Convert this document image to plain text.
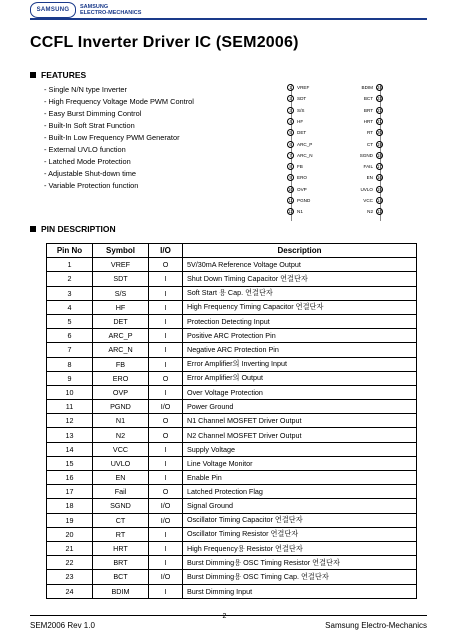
SAMSUNG SAMSUNG
ELECTRO-MECHANICS
CCFL Inverter Driver IC (SEM2006)
FEATURES
- Single N/N type Inverter
- High Frequency Voltage Mode PWM Control
- Easy Burst Dimming Control
- Built-In Soft Strat Function
- Built-In Low Frequency PWM Generator
- External UVLO function
- Latched Mode Protection
- Adjustable Shut-down time
- Variable Protection function
1	VREF
2	SDT
3	S/S
4	HF
5	DET
6	ARC_P
7	ARC_N
8	FB
9	ERO
10 OVP
11 PGND
12 N1
BDIM 24
BCT 23
BRT 22
HRT 21
RT 20
CT 19
SGND 18
FAIL 17
EN 16
UVLO 15
VCC 14
N2 13
PIN DESCRIPTION
Pin No	Symbol	I/O	Description
1	VREF	O	5V/30mA Reference Voltage Output
2	SDT	I	Shut Down Timing Capacitor 연결단자
3	S/S	I	Soft Start 용 Cap. 연결단자
4	HF	I	High Frequency Timing Capacitor 연결단자
5	DET	I	Protection Detecting Input
6	ARC_P	I	Positive ARC Protection Pin
7	ARC_N	I	Negative ARC Protection Pin
8	FB	I	Error Amplifier의 Inverting Input
9	ERO	O	Error Amplifier의 Output
10	OVP	I	Over Voltage Protection
11	PGND	I/O	Power Ground
12	N1	O	N1 Channel MOSFET Driver Output
13	N2	O	N2 Channel MOSFET Driver Output
14	VCC	I	Supply Voltage
15	UVLO	I	Line Voltage Monitor
16	EN	I	Enable Pin
17	Fail	O	Latched Protection Flag
18	SGND	I/O	Signal Ground
19	CT	I/O	Oscillator Timing Capacitor 연결단자
20	RT	I	Oscillator Timing Resistor 연결단자
21	HRT	I	High Frequency용 Resistor 연결단자
22	BRT	I	Burst Dimming용 OSC Timing Resistor 연결단자
23	BCT	I/O	Burst Dimming용 OSC Timing Cap. 연결단자
24	BDIM	I	Burst Dimming Input
2
SEM2006 Rev 1.0	Samsung Electro-Mechanics
